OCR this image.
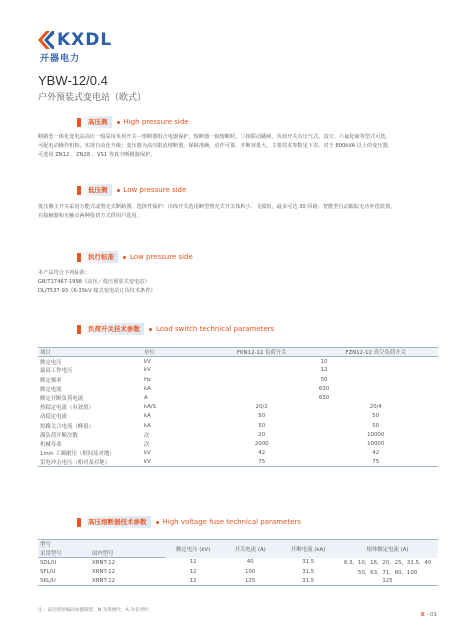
KXDL
开器电力
YBW-12/0.4
户外预装式变电站（欧式）
高压侧	High pressure side
断路型一体化变电站高压一般采用负荷开关－熔断器组合电器保护，熔断器一相熔断时，三相联动跳闸，负荷开关有压气式、真空、六氟化硫等型式可选，
可配电动操作机构，实现自动化升级；变压器为高压限流熔断器，保障准确，动作可靠，开断容量大，主要技术参数见下表。对于 800kVA 以上的变压器，
可选用 ZN12 、ZN28 、VS1 等真空断路器保护。
低压侧	Low pressure side
低压侧主开关采用万能式或塑壳式断路器，选择性保护；出线开关选用断型塑壳式开关体积小、飞弧短，最多可达 30 回路；智能型自动跟踪无功补偿装置，
有接触器和无触点两种投切方式供用户选用。
执行标准	Low pressure side
本产品符合下列标准：
GB/T17467-1998《高压／低压预装式变电站》
DL/T537-93《6-35kV 箱式变电站订货技术条件》
负荷开关技术参数	Load switch technical parameters
项目	单位	FKN12-12 负荷开关	FZN12-12 真空负荷开关
额定电压	kV	10	
最高工作电压	kV	12	
额定频率	Hz	50	
额定电流	kA	630	
额定开断负荷电流	A	630	
热稳定电流（有效值）	kA/S	20/2	20/4
动稳定电流	kA	50	50
短路关合电流（峰值）	kA	50	50
满负荷开断次数	次	20	10000
机械寿命	次	2000	10000
1min 工频耐压（相间及对地）	kV	42	42
雷电冲击电压（相对及对地）	kV	75	75
高压熔断器技术参数	High voltage fuse technical parameters
型号		额定电压 (kV)	开关电流 (A)	开断电流 (kA)	熔体额定电流 (A)
采用型号	国内型号				
SDL/U	XRNT-12	12	40	31.5	6.3，10，16，20，25，31.5，40
SFL/U	XRNT-12	12	100	31.5	50，63，71，80，100
SKL/U	XRNT-12	12	125	31.5	125
注：表层熔丝编码由德制型，N 为英展叶，A 为非西叶。
X · 01
